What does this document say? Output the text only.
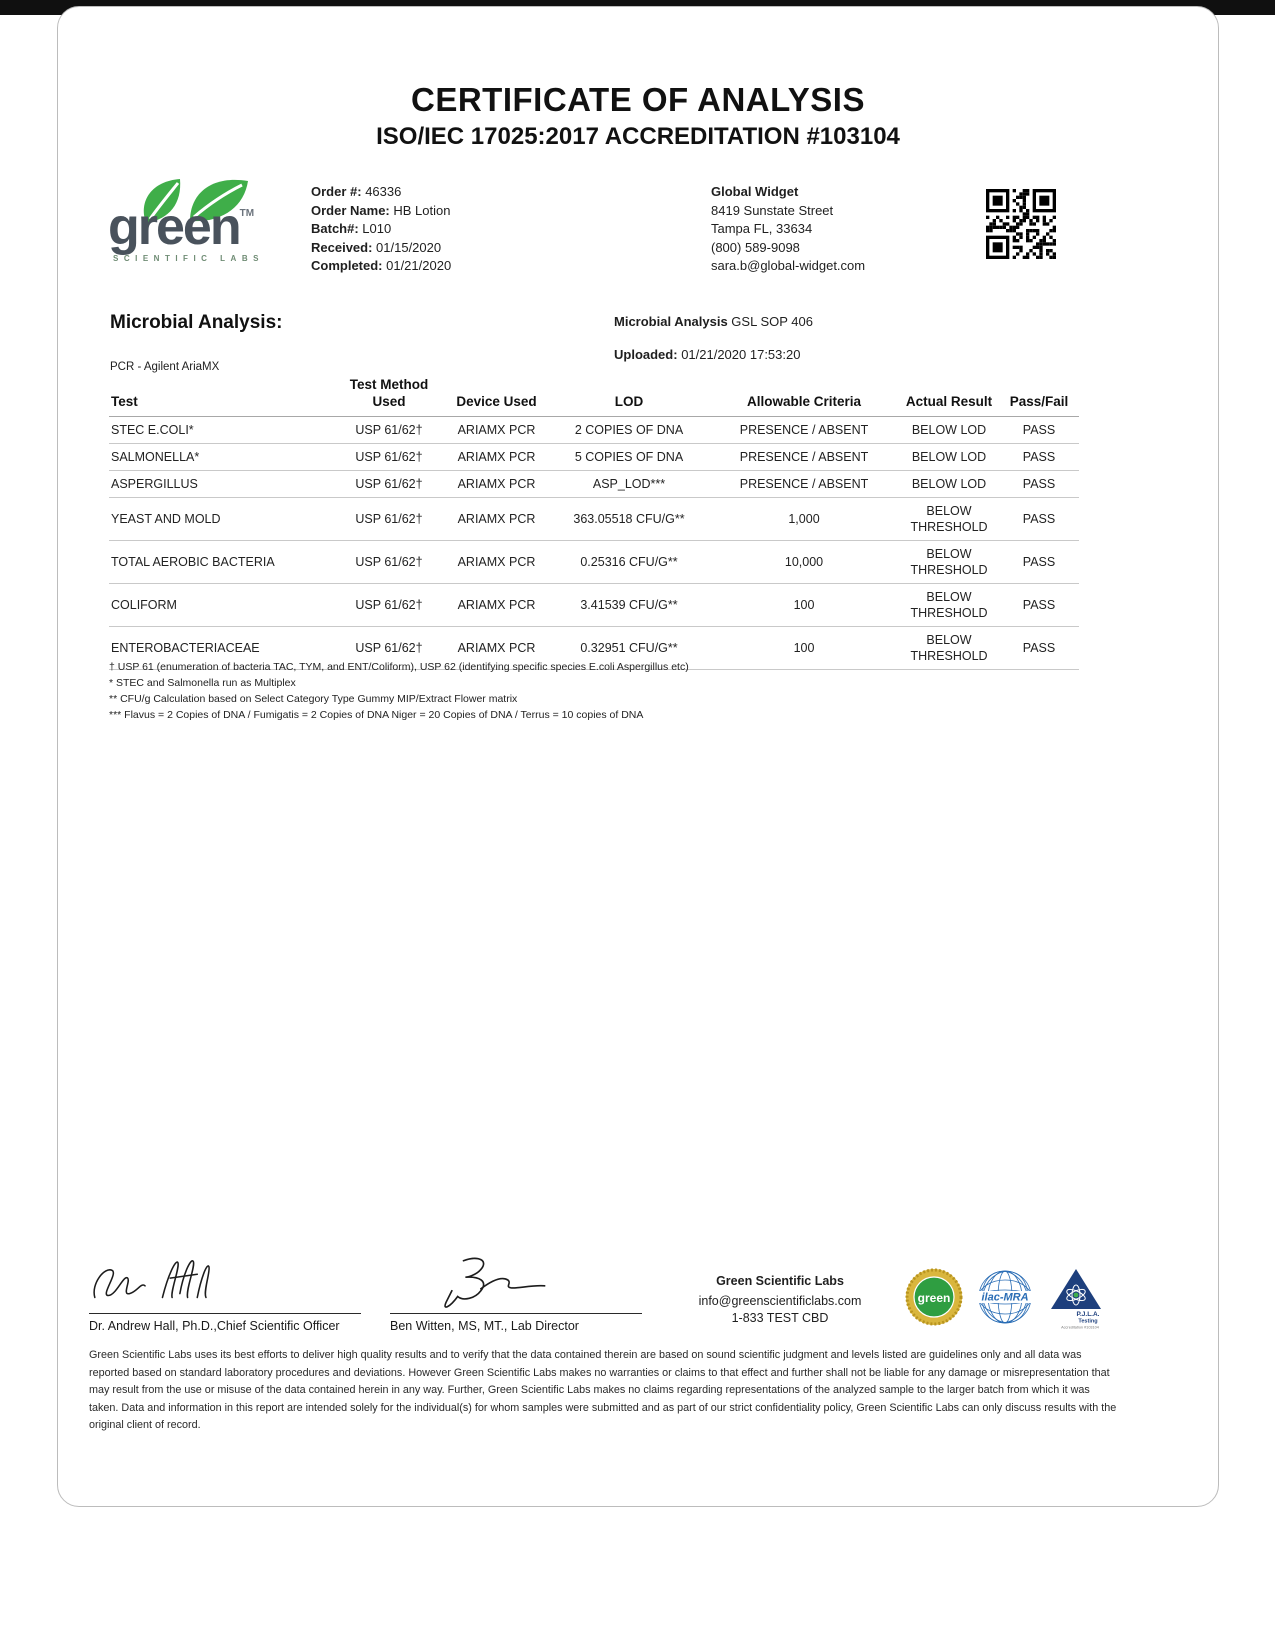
CERTIFICATE OF ANALYSIS
ISO/IEC 17025:2017 ACCREDITATION #103104
green™
SCIENTIFIC LABS
Order #: 46336
Order Name: HB Lotion
Batch#: L010
Received: 01/15/2020
Completed: 01/21/2020
Global Widget
8419 Sunstate Street
Tampa FL, 33634
(800) 589-9098
sara.b@global-widget.com
Microbial Analysis:	Microbial Analysis GSL SOP 406
Uploaded: 01/21/2020 17:53:20
PCR - Agilent AriaMX
Test	Test Method Used	Device Used	LOD	Allowable Criteria	Actual Result	Pass/Fail
STEC E.COLI*	USP 61/62†	ARIAMX PCR	2 COPIES OF DNA	PRESENCE / ABSENT	BELOW LOD	PASS
SALMONELLA*	USP 61/62†	ARIAMX PCR	5 COPIES OF DNA	PRESENCE / ABSENT	BELOW LOD	PASS
ASPERGILLUS	USP 61/62†	ARIAMX PCR	ASP_LOD***	PRESENCE / ABSENT	BELOW LOD	PASS
YEAST AND MOLD	USP 61/62†	ARIAMX PCR	363.05518 CFU/G**	1,000	BELOW THRESHOLD	PASS
TOTAL AEROBIC BACTERIA	USP 61/62†	ARIAMX PCR	0.25316 CFU/G**	10,000	BELOW THRESHOLD	PASS
COLIFORM	USP 61/62†	ARIAMX PCR	3.41539 CFU/G**	100	BELOW THRESHOLD	PASS
ENTEROBACTERIACEAE	USP 61/62†	ARIAMX PCR	0.32951 CFU/G**	100	BELOW THRESHOLD	PASS
† USP 61 (enumeration of bacteria TAC, TYM, and ENT/Coliform), USP 62 (identifying specific species E.coli Aspergillus etc)
* STEC and Salmonella run as Multiplex
** CFU/g Calculation based on Select Category Type Gummy MIP/Extract Flower matrix
*** Flavus = 2 Copies of DNA / Fumigatis = 2 Copies of DNA Niger = 20 Copies of DNA / Terrus = 10 copies of DNA
Dr. Andrew Hall, Ph.D.,Chief Scientific Officer	Ben Witten, MS, MT., Lab Director
Green Scientific Labs
info@greenscientificlabs.com
1-833 TEST CBD
green	ilac-MRA
P.J.L.A.
Testing
Accreditation #103104

Green Scientific Labs uses its best efforts to deliver high quality results and to verify that the data contained therein are based on sound scientific judgment and levels listed are guidelines only and all data was reported based on standard laboratory procedures and deviations. However Green Scientific Labs makes no warranties or claims to that effect and further shall not be liable for any damage or misrepresentation that may result from the use or misuse of the data contained herein in any way. Further, Green Scientific Labs makes no claims regarding representations of the analyzed sample to the larger batch from which it was taken. Data and information in this report are intended solely for the individual(s) for whom samples were submitted and as part of our strict confidentiality policy, Green Scientific Labs can only discuss results with the original client of record.
